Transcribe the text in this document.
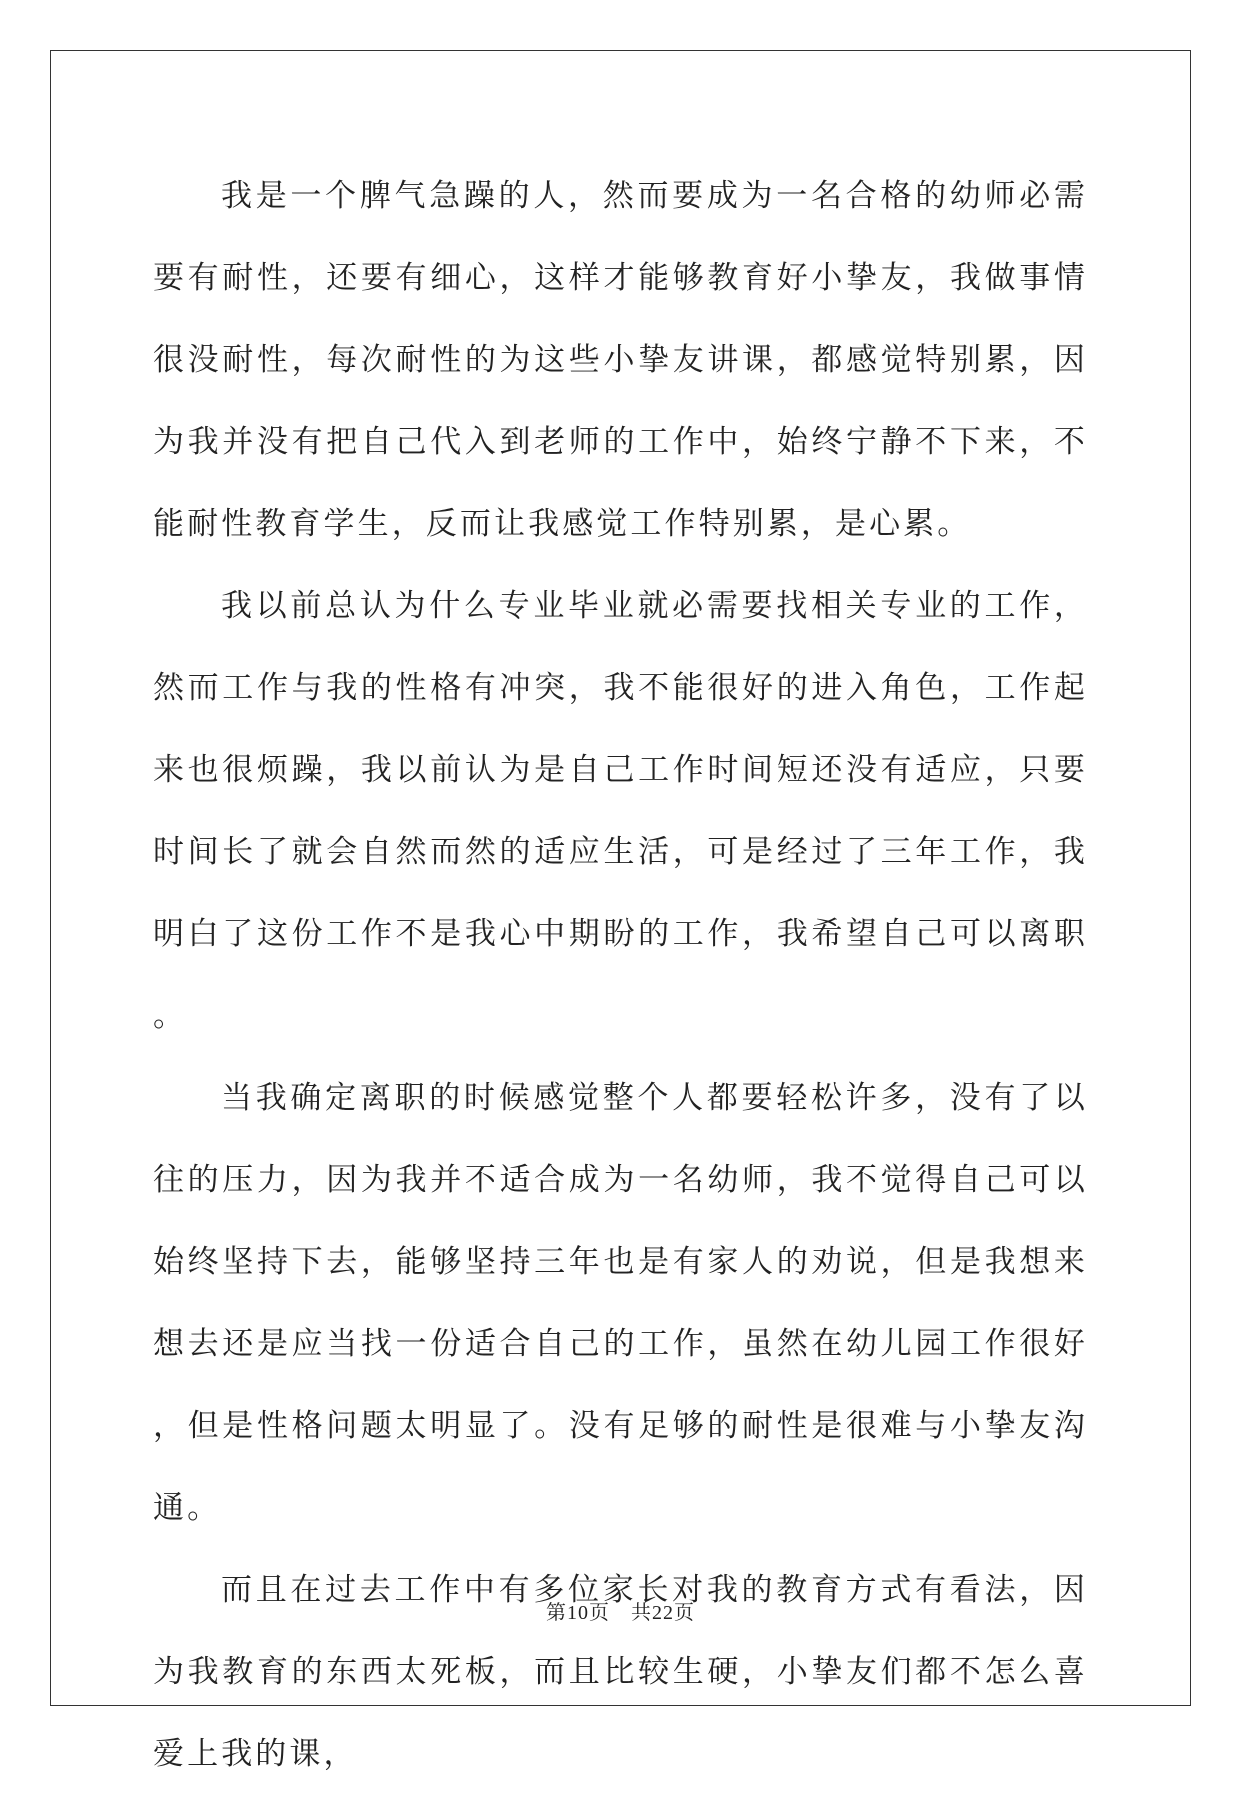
我是一个脾气急躁的人，然而要成为一名合格的幼师必需要有耐性，还要有细心，这样才能够教育好小挚友，我做事情很没耐性，每次耐性的为这些小挚友讲课，都感觉特别累，因为我并没有把自己代入到老师的工作中，始终宁静不下来，不能耐性教育学生，反而让我感觉工作特别累，是心累。

我以前总认为什么专业毕业就必需要找相关专业的工作，然而工作与我的性格有冲突，我不能很好的进入角色，工作起来也很烦躁，我以前认为是自己工作时间短还没有适应，只要时间长了就会自然而然的适应生活，可是经过了三年工作，我明白了这份工作不是我心中期盼的工作，我希望自己可以离职。

当我确定离职的时候感觉整个人都要轻松许多，没有了以往的压力，因为我并不适合成为一名幼师，我不觉得自己可以始终坚持下去，能够坚持三年也是有家人的劝说，但是我想来想去还是应当找一份适合自己的工作，虽然在幼儿园工作很好，但是性格问题太明显了。没有足够的耐性是很难与小挚友沟通。

而且在过去工作中有多位家长对我的教育方式有看法，因为我教育的东西太死板，而且比较生硬，小挚友们都不怎么喜爱上我的课，

第10页　共22页
